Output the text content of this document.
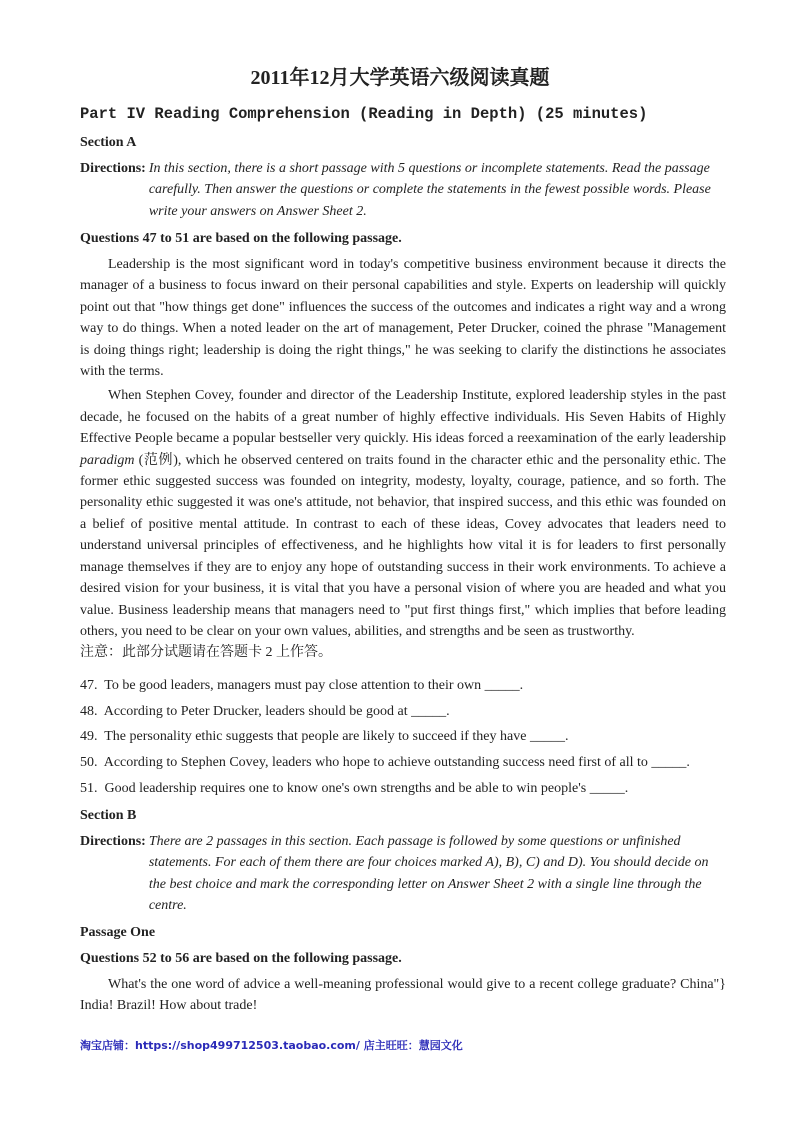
2011年12月大学英语六级阅读真题
Part IV Reading Comprehension (Reading in Depth) (25 minutes)
Section A
Directions: In this section, there is a short passage with 5 questions or incomplete statements. Read the passage carefully. Then answer the questions or complete the statements in the fewest possible words. Please write your answers on Answer Sheet 2.
Questions 47 to 51 are based on the following passage.

Leadership is the most significant word in today's competitive business environment because it directs the manager of a business to focus inward on their personal capabilities and style. Experts on leadership will quickly point out that "how things get done" influences the success of the outcomes and indicates a right way and a wrong way to do things. When a noted leader on the art of management, Peter Drucker, coined the phrase "Management is doing things right; leadership is doing the right things," he was seeking to clarify the distinctions he associates with the terms.

When Stephen Covey, founder and director of the Leadership Institute, explored leadership styles in the past decade, he focused on the habits of a great number of highly effective individuals. His Seven Habits of Highly Effective People became a popular bestseller very quickly. His ideas forced a reexamination of the early leadership paradigm (范例), which he observed centered on traits found in the character ethic and the personality ethic. The former ethic suggested success was founded on integrity, modesty, loyalty, courage, patience, and so forth. The personality ethic suggested it was one's attitude, not behavior, that inspired success, and this ethic was founded on a belief of positive mental attitude. In contrast to each of these ideas, Covey advocates that leaders need to understand universal principles of effectiveness, and he highlights how vital it is for leaders to first personally manage themselves if they are to enjoy any hope of outstanding success in their work environments. To achieve a desired vision for your business, it is vital that you have a personal vision of where you are headed and what you value. Business leadership means that managers need to "put first things first," which implies that before leading others, you need to be clear on your own values, abilities, and strengths and be seen as trustworthy.

注意：此部分试题请在答题卡 2 上作答。
47. To be good leaders, managers must pay close attention to their own _____.
48. According to Peter Drucker, leaders should be good at _____.
49. The personality ethic suggests that people are likely to succeed if they have _____.
50. According to Stephen Covey, leaders who hope to achieve outstanding success need first of all to _____.
51. Good leadership requires one to know one's own strengths and be able to win people's _____.
Section B
Directions: There are 2 passages in this section. Each passage is followed by some questions or unfinished statements. For each of them there are four choices marked A), B), C) and D). You should decide on the best choice and mark the corresponding letter on Answer Sheet 2 with a single line through the centre.
Passage One
Questions 52 to 56 are based on the following passage.

What's the one word of advice a well-meaning professional would give to a recent college graduate? China"} India! Brazil! How about trade!

淘宝店铺：https://shop499712503.taobao.com/ 店主旺旺：慧园文化
